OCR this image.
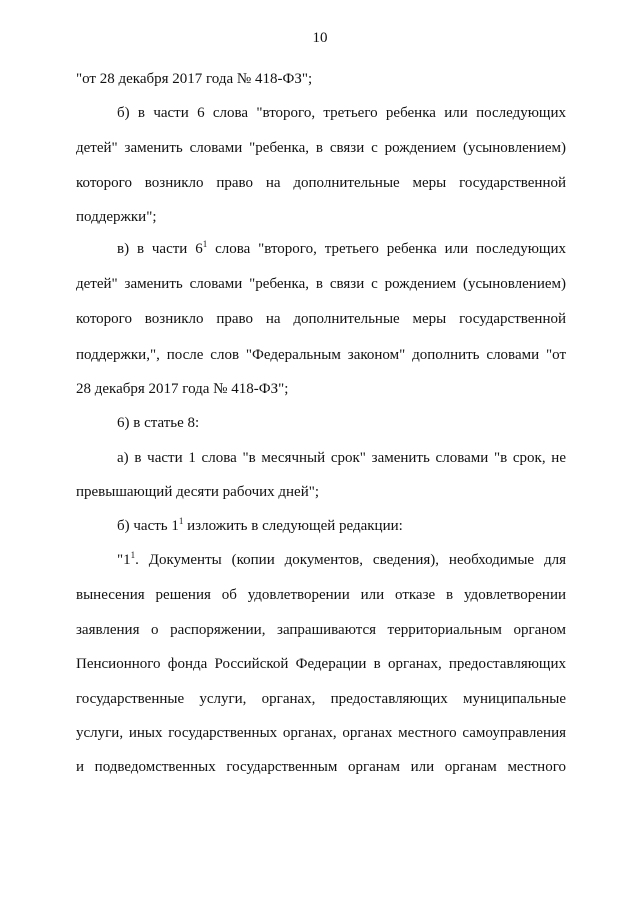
10
"от 28 декабря 2017 года № 418-ФЗ";
б) в части 6 слова "второго, третьего ребенка или последующих
детей" заменить словами "ребенка, в связи с рождением (усыновлением)
которого возникло право на дополнительные меры государственной
поддержки";
в) в части $6^1$ слова "второго, третьего ребенка или последующих
детей" заменить словами "ребенка, в связи с рождением (усыновлением)
которого возникло право на дополнительные меры государственной
поддержки,", после слов "Федеральным законом" дополнить словами "от
28 декабря 2017 года № 418-ФЗ";
6) в статье 8:
а) в части 1 слова "в месячный срок" заменить словами "в срок, не
превышающий десяти рабочих дней";
б) часть $1^1$ изложить в следующей редакции:
"$1^1$. Документы (копии документов, сведения), необходимые для
вынесения решения об удовлетворении или отказе в удовлетворении
заявления о распоряжении, запрашиваются территориальным органом
Пенсионного фонда Российской Федерации в органах, предоставляющих
государственные услуги, органах, предоставляющих муниципальные
услуги, иных государственных органах, органах местного самоуправления
и подведомственных государственным органам или органам местного
